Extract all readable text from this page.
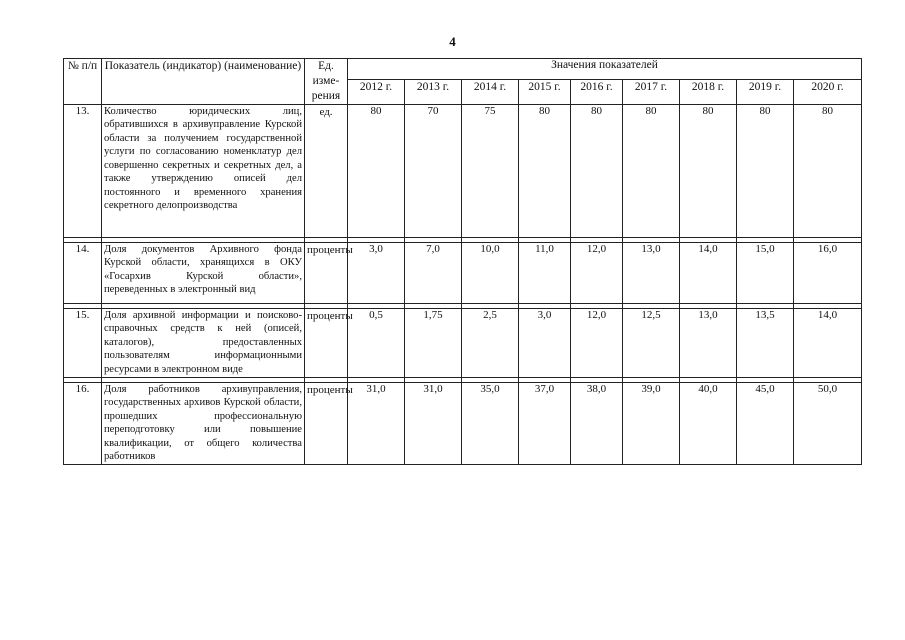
4
№ п/п	Показатель (индикатор) (наименование)	Ед. изме-рения	Значения показателей								
			2012 г.	2013 г.	2014 г.	2015 г.	2016 г.	2017 г.	2018 г.	2019 г.	2020 г.
13.	Количество юридических лиц, обратившихся в архивуправление Курской области за получением государственной услуги по согласованию номенклатур дел совершенно секретных и секретных дел, а также утверждению описей дел постоянного и временного хранения секретного делопроизводства	ед.	80	70	75	80	80	80	80	80	80

14.	Доля документов Архивного фонда Курской области, хранящихся в ОКУ «Госархив Курской области», переведенных в электронный вид	проценты	3,0	7,0	10,0	11,0	12,0	13,0	14,0	15,0	16,0

15.	Доля архивной информации и поисково-справочных средств к ней (описей, каталогов), предоставленных пользователям информационными ресурсами в электронном виде	проценты	0,5	1,75	2,5	3,0	12,0	12,5	13,0	13,5	14,0

16.	Доля работников архивуправления, государственных архивов Курской области, прошедших профессиональную переподготовку или повышение квалификации, от общего количества работников	проценты	31,0	31,0	35,0	37,0	38,0	39,0	40,0	45,0	50,0
